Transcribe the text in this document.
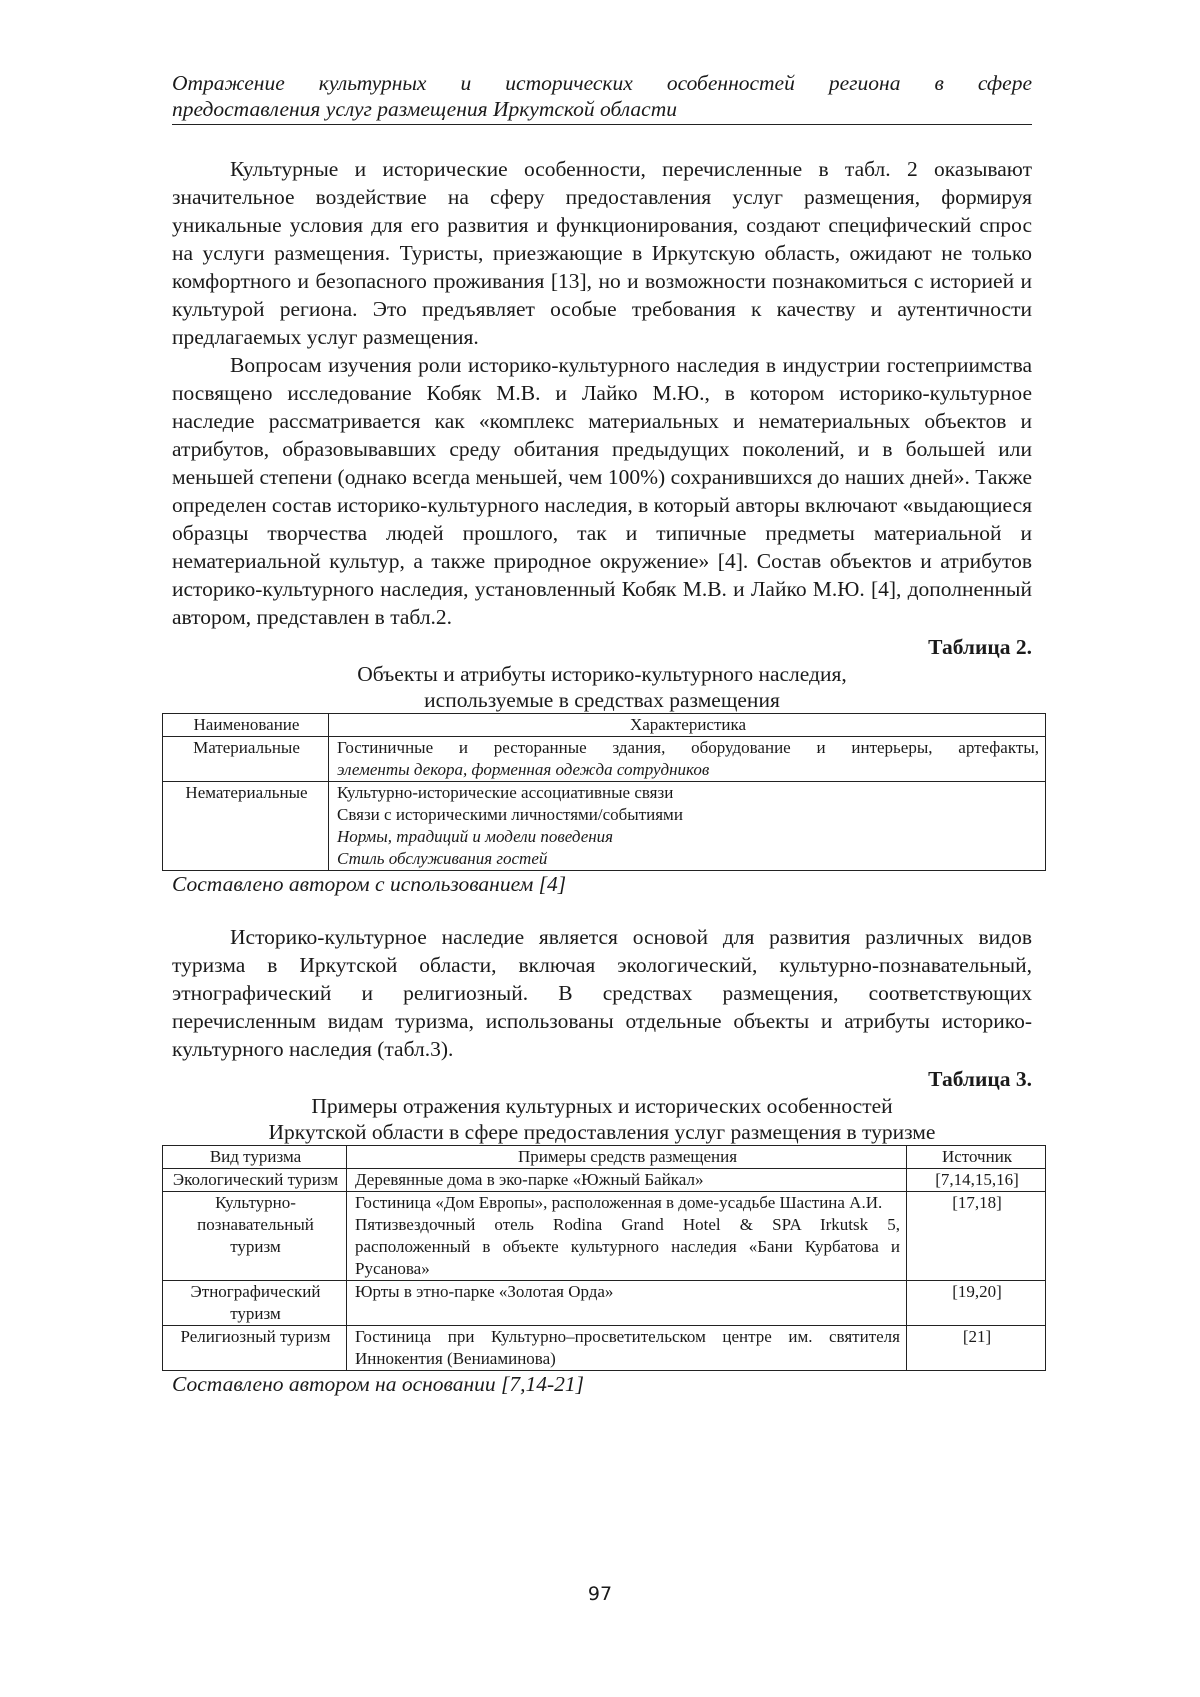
Отражение культурных и исторических особенностей региона в сфере
предоставления услуг размещения Иркутской области

Культурные и исторические особенности, перечисленные в табл. 2 оказывают значительное воздействие на сферу предоставления услуг размещения, формируя уникальные условия для его развития и функционирования, создают специфический спрос на услуги размещения. Туристы, приезжающие в Иркутскую область, ожидают не только комфортного и безопасного проживания [13], но и возможности познакомиться с историей и культурой региона. Это предъявляет особые требования к качеству и аутентичности предлагаемых услуг размещения.

Вопросам изучения роли историко-культурного наследия в индустрии гостеприимства посвящено исследование Кобяк М.В. и Лайко М.Ю., в котором историко-культурное наследие рассматривается как «комплекс материальных и нематериальных объектов и атрибутов, образовывавших среду обитания предыдущих поколений, и в большей или меньшей степени (однако всегда меньшей, чем 100%) сохранившихся до наших дней». Также определен состав историко-культурного наследия, в который авторы включают «выдающиеся образцы творчества людей прошлого, так и типичные предметы материальной и нематериальной культур, а также природное окружение» [4]. Состав объектов и атрибутов историко-культурного наследия, установленный Кобяк М.В. и Лайко М.Ю. [4], дополненный автором, представлен в табл.2.

Таблица 2.
Объекты и атрибуты историко-культурного наследия,
используемые в средствах размещения
Наименование	Характеристика
Материальные	Гостиничные и ресторанные здания, оборудование и интерьеры, артефакты,
элементы декора, форменная одежда сотрудников

Нематериальные	Культурно-исторические ассоциативные связи
Связи с историческими личностями/событиями
Нормы, традиций и модели поведения
Стиль обслуживания гостей
Составлено автором с использованием [4]

Историко-культурное наследие является основой для развития различных видов туризма в Иркутской области, включая экологический, культурно-познавательный, этнографический и религиозный. В средствах размещения, соответствующих перечисленным видам туризма, использованы отдельные объекты и атрибуты историко-культурного наследия (табл.3).

Таблица 3.
Примеры отражения культурных и исторических особенностей
Иркутской области в сфере предоставления услуг размещения в туризме
Вид туризма	Примеры средств размещения	Источник
Экологический туризм	Деревянные дома в эко-парке «Южный Байкал»	[7,14,15,16]
Культурно-познавательный туризм	Гостиница «Дом Европы», расположенная в доме-усадьбе Шастина А.И.
Пятизвездочный отель Rodina Grand Hotel & SPA Irkutsk 5, расположенный в объекте культурного наследия «Бани Курбатова и Русанова»	[17,18]
Этнографический туризм	Юрты в этно-парке «Золотая Орда»	[19,20]
Религиозный туризм	Гостиница при Культурно–просветительском центре им. святителя Иннокентия (Вениаминова)	[21]
Составлено автором на основании [7,14-21]
97
